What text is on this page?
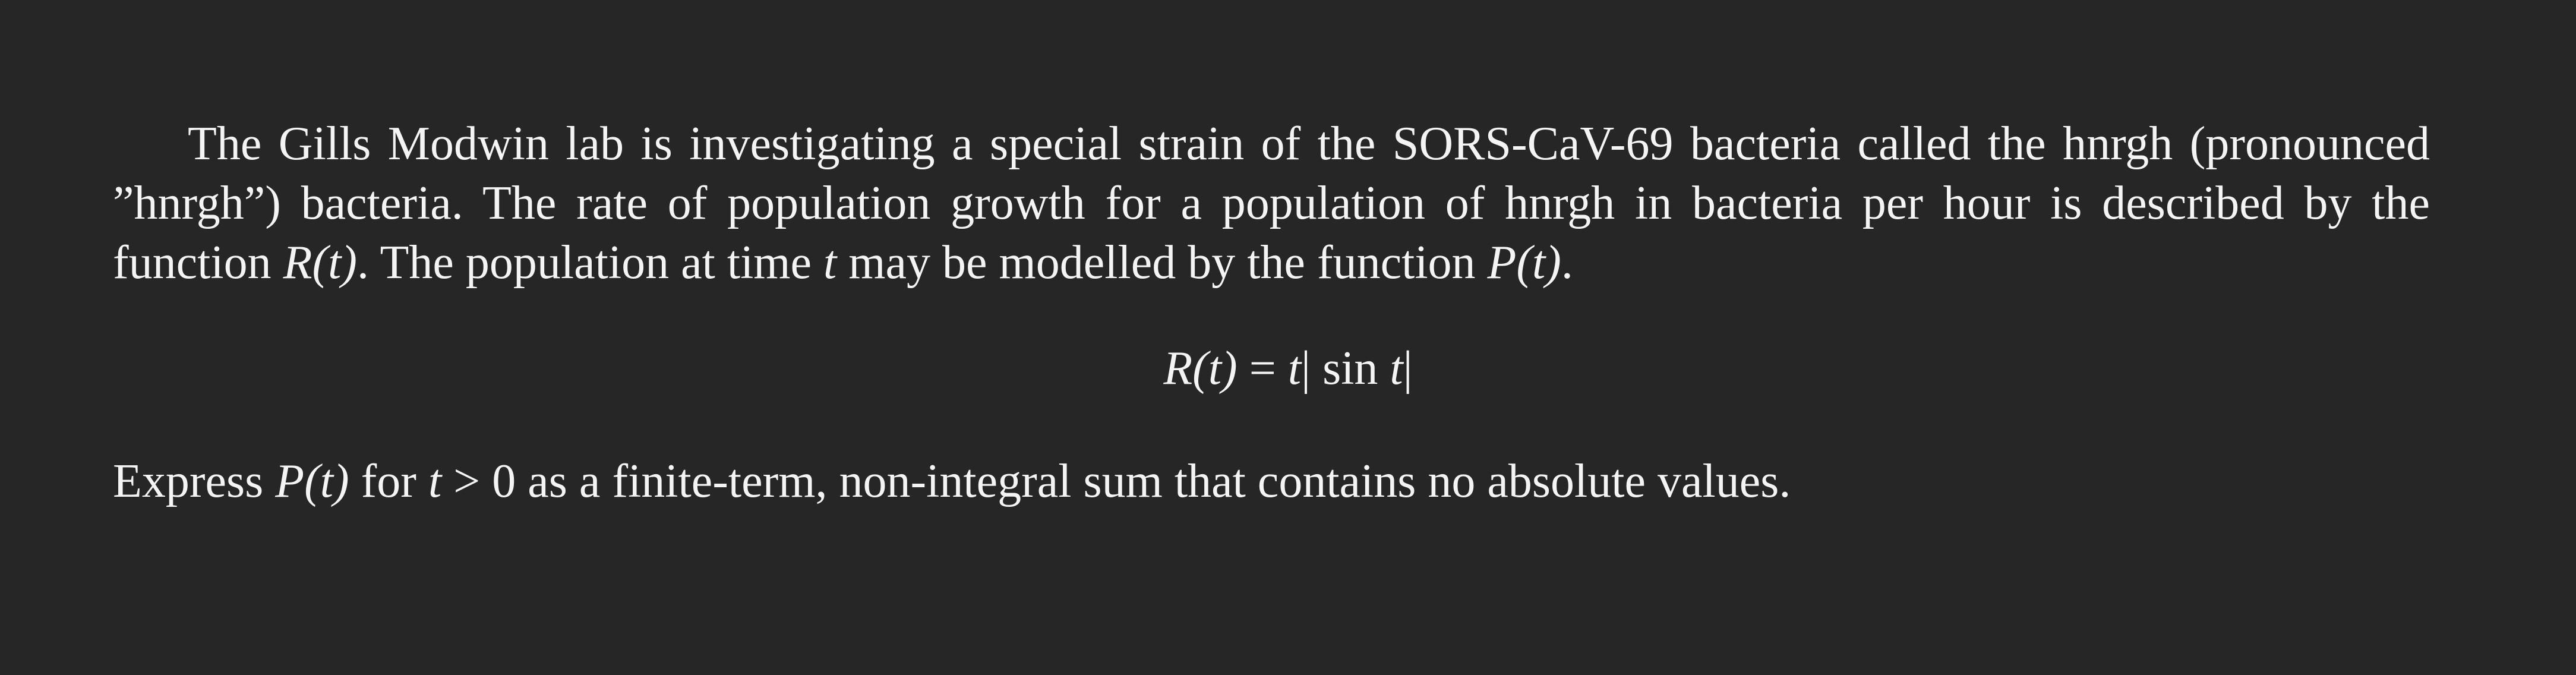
The Gills Modwin lab is investigating a special strain of the SORS-CaV-69 bacteria called the hnrgh (pronounced ”hnrgh”) bacteria. The rate of population growth for a population of hnrgh in bacteria per hour is described by the function R(t). The population at time t may be modelled by the function P(t).

R(t) = t| sin t|

Express P(t) for t > 0 as a finite-term, non-integral sum that contains no absolute values.
